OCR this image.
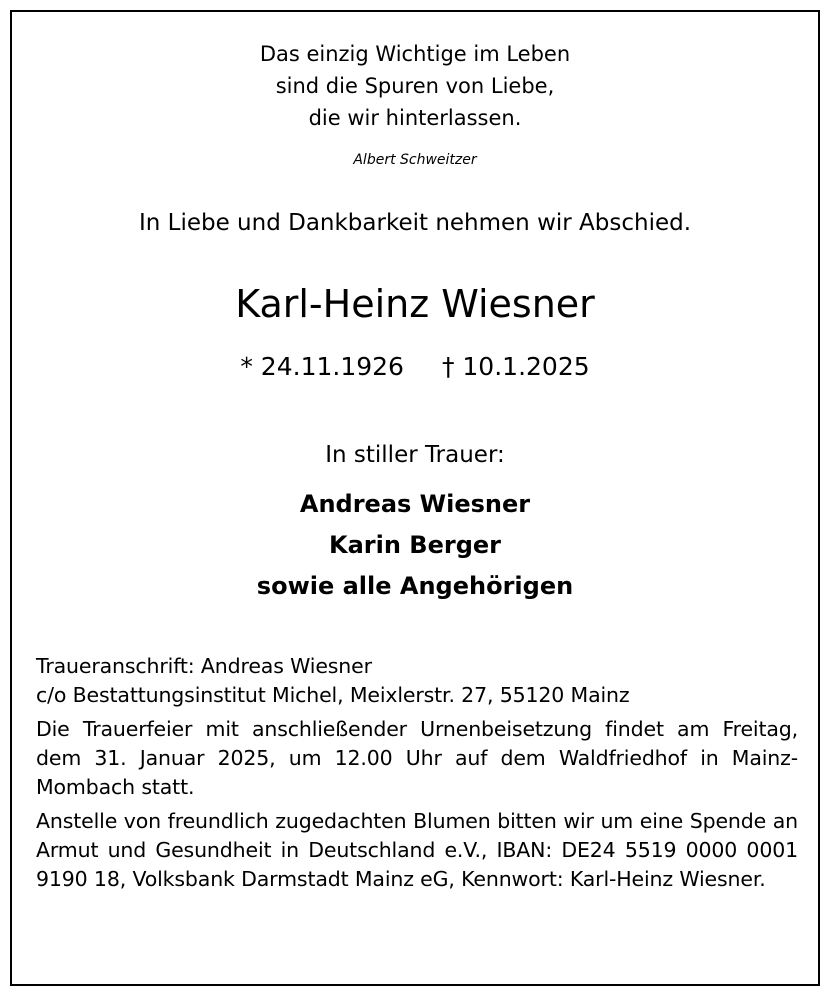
Das einzig Wichtige im Leben
sind die Spuren von Liebe,
die wir hinterlassen.
Albert Schweitzer
In Liebe und Dankbarkeit nehmen wir Abschied.
Karl-Heinz Wiesner
* 24.11.1926 † 10.1.2025
In stiller Trauer:
Andreas Wiesner
Karin Berger
sowie alle Angehörigen

Traueranschrift: Andreas Wiesner
c/o Bestattungsinstitut Michel, Meixlerstr. 27, 55120 Mainz

Die Trauerfeier mit anschließender Urnenbeisetzung findet am Freitag, dem 31. Januar 2025, um 12.00 Uhr auf dem Waldfriedhof in Mainz-Mombach statt.

Anstelle von freundlich zugedachten Blumen bitten wir um eine Spende an Armut und Gesundheit in Deutschland e.V., IBAN: DE24 5519 0000 0001 9190 18, Volksbank Darmstadt Mainz eG, Kennwort: Karl-Heinz Wiesner.
